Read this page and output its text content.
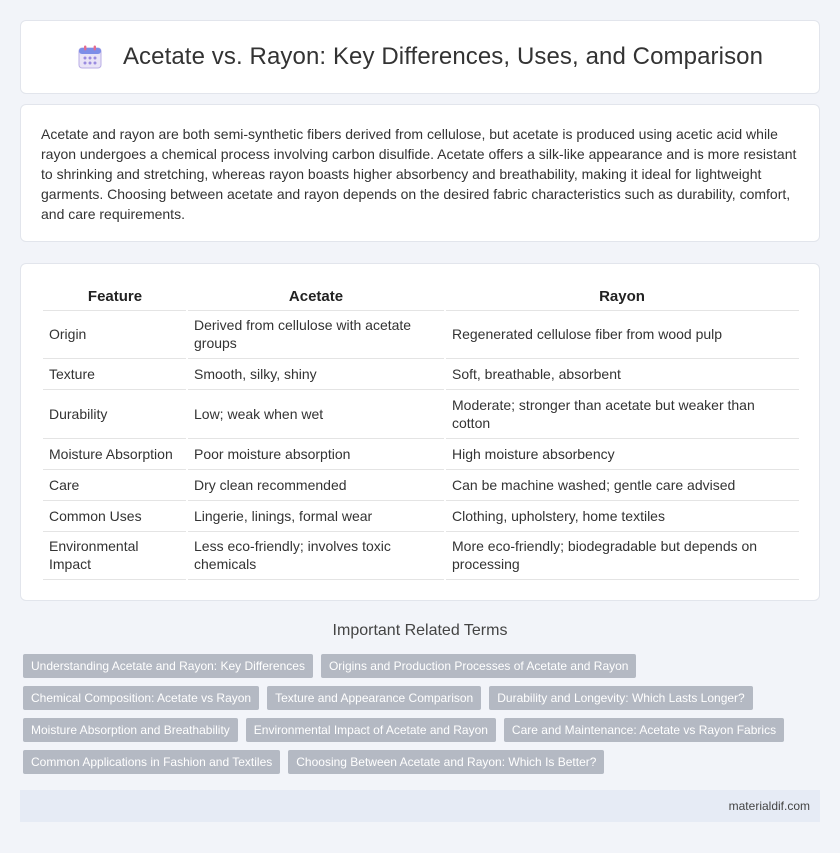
Acetate vs. Rayon: Key Differences, Uses, and Comparison

Acetate and rayon are both semi-synthetic fibers derived from cellulose, but acetate is produced using acetic acid while rayon undergoes a chemical process involving carbon disulfide. Acetate offers a silk-like appearance and is more resistant to shrinking and stretching, whereas rayon boasts higher absorbency and breathability, making it ideal for lightweight garments. Choosing between acetate and rayon depends on the desired fabric characteristics such as durability, comfort, and care requirements.

Feature	Acetate	Rayon
Origin	Derived from cellulose with acetate groups	Regenerated cellulose fiber from wood pulp
Texture	Smooth, silky, shiny	Soft, breathable, absorbent
Durability	Low; weak when wet	Moderate; stronger than acetate but weaker than cotton
Moisture Absorption	Poor moisture absorption	High moisture absorbency
Care	Dry clean recommended	Can be machine washed; gentle care advised
Common Uses	Lingerie, linings, formal wear	Clothing, upholstery, home textiles
Environmental Impact	Less eco-friendly; involves toxic chemicals	More eco-friendly; biodegradable but depends on processing
Important Related Terms
Understanding Acetate and Rayon: Key Differences	Origins and Production Processes of Acetate and Rayon
Chemical Composition: Acetate vs Rayon	Texture and Appearance Comparison	Durability and Longevity: Which Lasts Longer?
Moisture Absorption and Breathability	Environmental Impact of Acetate and Rayon	Care and Maintenance: Acetate vs Rayon Fabrics
Common Applications in Fashion and Textiles	Choosing Between Acetate and Rayon: Which Is Better?
materialdif.com
